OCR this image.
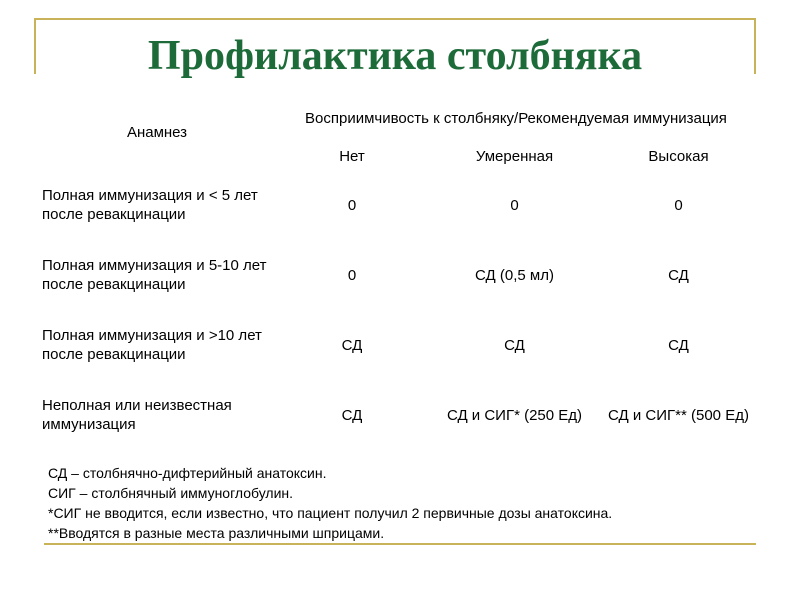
Профилактика столбняка
Анамнез	Восприимчивость к столбняку/Рекомендуемая иммунизация		
	Нет	Умеренная	Высокая
Полная иммунизация и < 5 лет после ревакцинации	0	0	0
Полная иммунизация и 5-10 лет после ревакцинации	0	СД (0,5 мл)	СД
Полная иммунизация и >10 лет после ревакцинации	СД	СД	СД
Неполная или неизвестная иммунизация	СД	СД и СИГ* (250 Ед)	СД и СИГ** (500 Ед)
СД – столбнячно-дифтерийный анатоксин.
СИГ – столбнячный иммуноглобулин.
*СИГ не вводится, если известно, что пациент получил 2 первичные дозы анатоксина.
**Вводятся в разные места различными шприцами.
